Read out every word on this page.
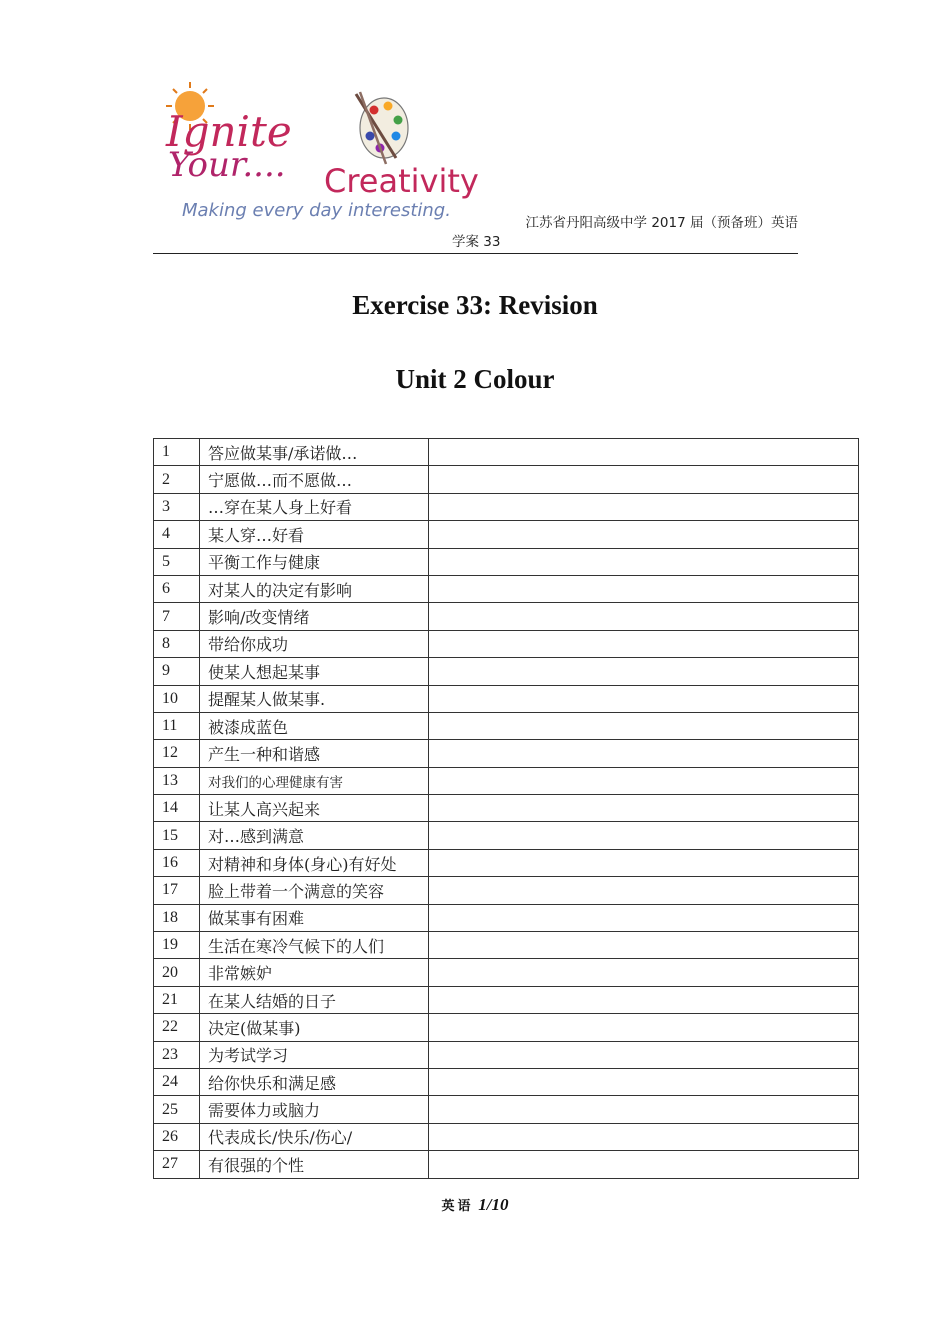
Ignite
Your.... Creativity
Making every day interesting.
江苏省丹阳高级中学 2017 届（预备班）英语
学案 33
Exercise 33: Revision
Unit 2 Colour
1	答应做某事/承诺做…	
2	宁愿做…而不愿做…	
3	…穿在某人身上好看	
4	某人穿…好看	
5	平衡工作与健康	
6	对某人的决定有影响	
7	影响/改变情绪	
8	带给你成功	
9	使某人想起某事	
10	提醒某人做某事.	
11	被漆成蓝色	
12	产生一种和谐感	
13	对我们的心理健康有害	
14	让某人高兴起来	
15	对…感到满意	
16	对精神和身体(身心)有好处	
17	脸上带着一个满意的笑容	
18	做某事有困难	
19	生活在寒冷气候下的人们	
20	非常嫉妒	
21	在某人结婚的日子	
22	决定(做某事)	
23	为考试学习	
24	给你快乐和满足感	
25	需要体力或脑力	
26	代表成长/快乐/伤心/	
27	有很强的个性	
英语 1/10
